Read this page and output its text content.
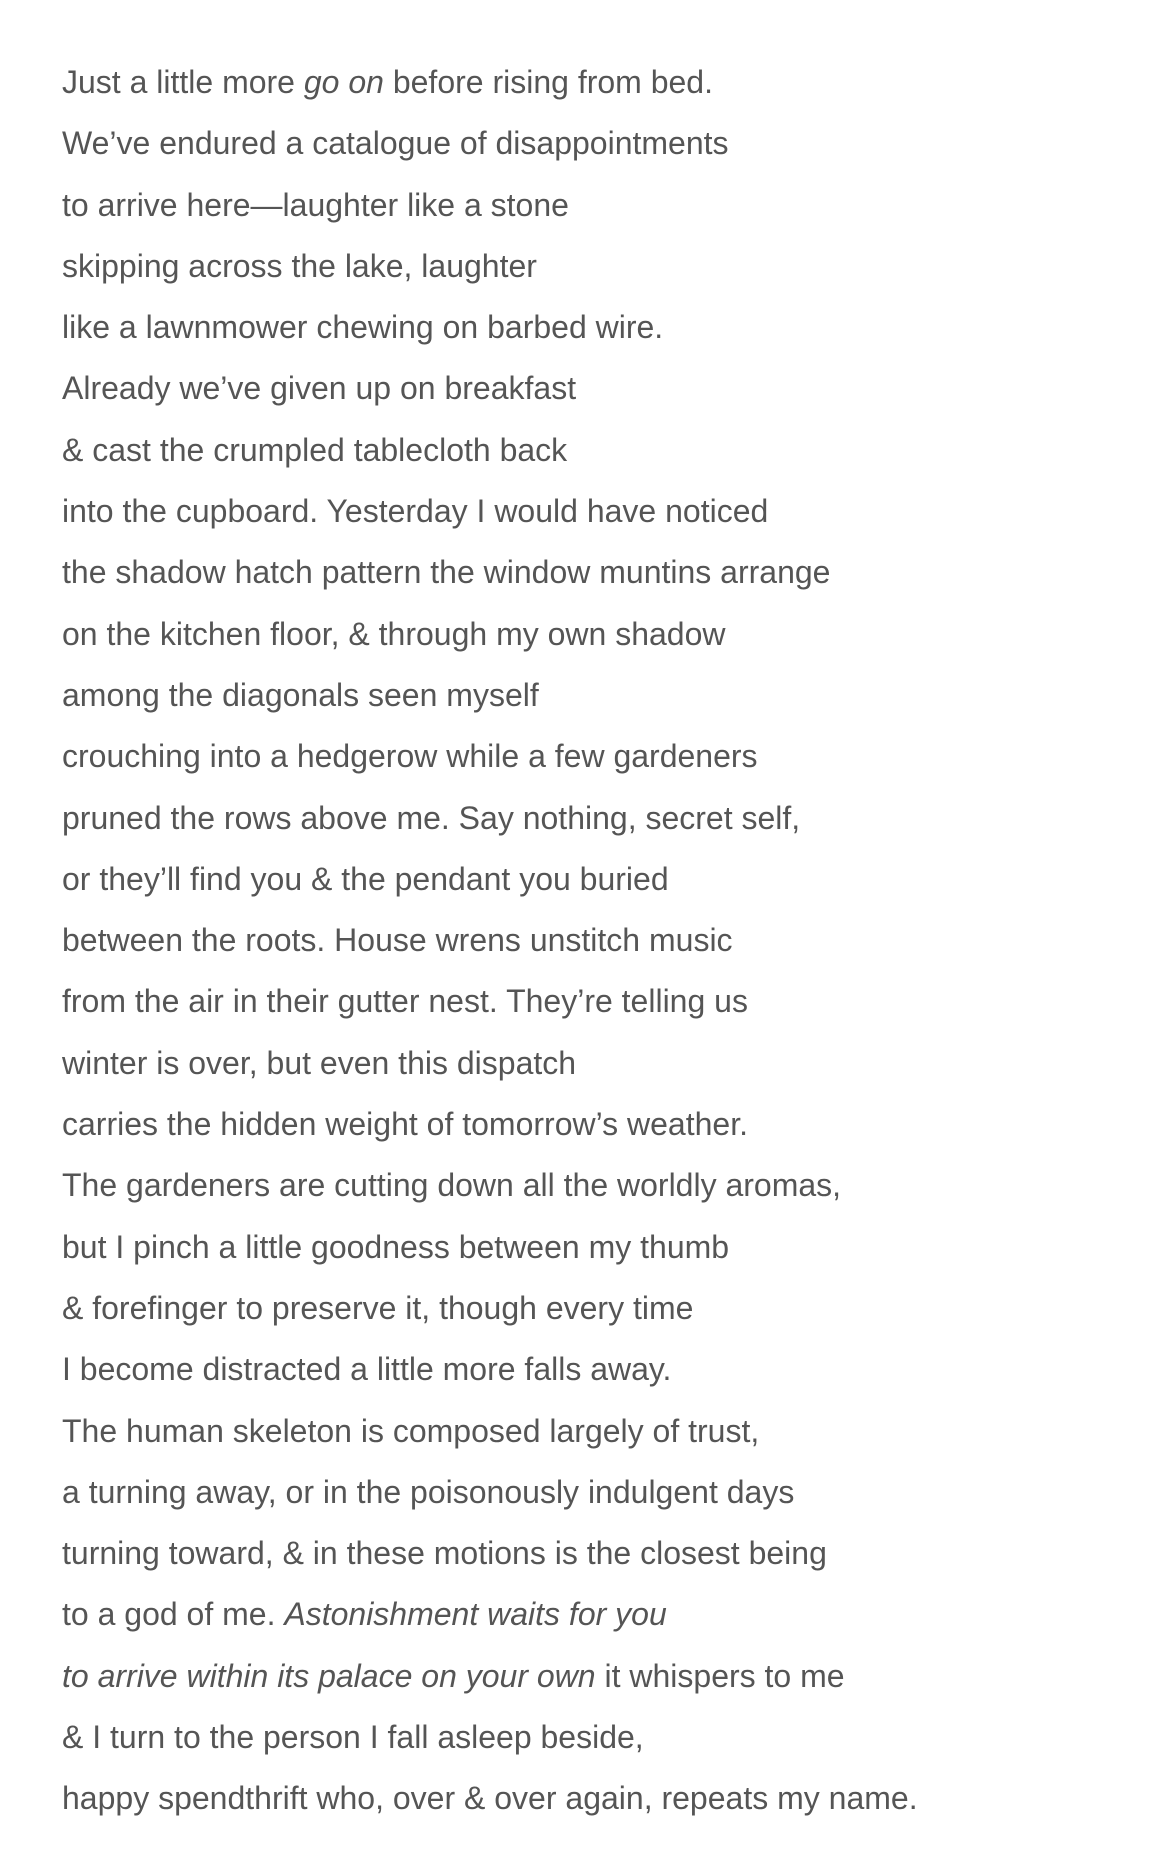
Just a little more go on before rising from bed.
We’ve endured a catalogue of disappointments
to arrive here—laughter like a stone
skipping across the lake, laughter
like a lawnmower chewing on barbed wire.
Already we’ve given up on breakfast
& cast the crumpled tablecloth back
into the cupboard. Yesterday I would have noticed
the shadow hatch pattern the window muntins arrange
on the kitchen floor, & through my own shadow
among the diagonals seen myself
crouching into a hedgerow while a few gardeners
pruned the rows above me. Say nothing, secret self,
or they’ll find you & the pendant you buried
between the roots. House wrens unstitch music
from the air in their gutter nest. They’re telling us
winter is over, but even this dispatch
carries the hidden weight of tomorrow’s weather.
The gardeners are cutting down all the worldly aromas,
but I pinch a little goodness between my thumb
& forefinger to preserve it, though every time
I become distracted a little more falls away.
The human skeleton is composed largely of trust,
a turning away, or in the poisonously indulgent days
turning toward, & in these motions is the closest being
to a god of me. Astonishment waits for you
to arrive within its palace on your own it whispers to me
& I turn to the person I fall asleep beside,
happy spendthrift who, over & over again, repeats my name.
